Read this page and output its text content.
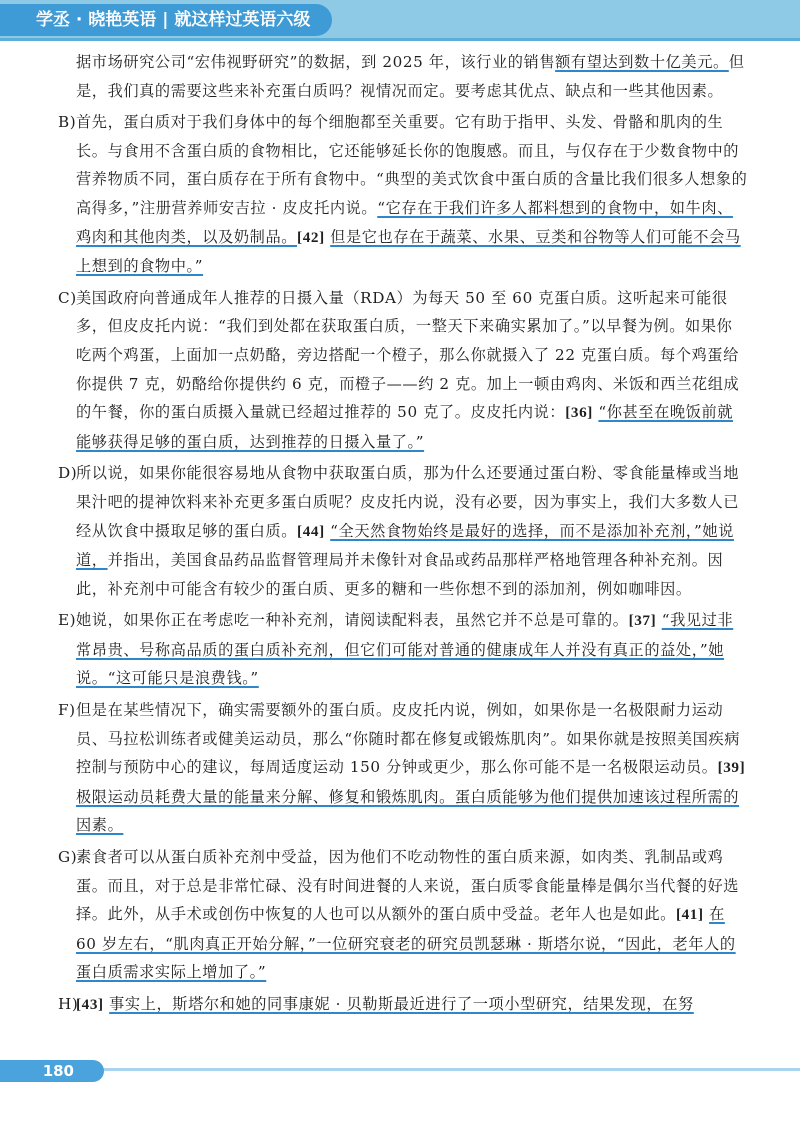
学丞 · 晓艳英语 | 就这样过英语六级
据市场研究公司“宏伟视野研究”的数据，到 2025 年，该行业的销售额有望达到数十亿美元。但是，我们真的需要这些来补充蛋白质吗？视情况而定。要考虑其优点、缺点和一些其他因素。
B) 首先，蛋白质对于我们身体中的每个细胞都至关重要。它有助于指甲、头发、骨骼和肌肉的生长。与食用不含蛋白质的食物相比，它还能够延长你的饱腹感。而且，与仅存在于少数食物中的营养物质不同，蛋白质存在于所有食物中。“典型的美式饮食中蛋白质的含量比我们很多人想象的高得多，”注册营养师安吉拉 · 皮皮托内说。“它存在于我们许多人都料想到的食物中，如牛肉、鸡肉和其他肉类，以及奶制品。[42] 但是它也存在于蔬菜、水果、豆类和谷物等人们可能不会马上想到的食物中。”
C) 美国政府向普通成年人推荐的日摄入量（RDA）为每天 50 至 60 克蛋白质。这听起来可能很多，但皮皮托内说：“我们到处都在获取蛋白质，一整天下来确实累加了。”以早餐为例。如果你吃两个鸡蛋，上面加一点奶酪，旁边搭配一个橙子，那么你就摄入了 22 克蛋白质。每个鸡蛋给你提供 7 克，奶酪给你提供约 6 克，而橙子——约 2 克。加上一顿由鸡肉、米饭和西兰花组成的午餐，你的蛋白质摄入量就已经超过推荐的 50 克了。皮皮托内说：[36] “你甚至在晚饭前就能够获得足够的蛋白质，达到推荐的日摄入量了。”
D)
所以说，如果你能很容易地从食物中获取蛋白质，那为什么还要通过蛋白粉、零食能量棒或当地果汁吧的提神饮料来补充更多蛋白质呢？皮皮托内说，没有必要，因为事实上，我们大多数人已经从饮食中摄取足够的蛋白质。[44] “全天然食物始终是最好的选择，而不是添加补充剂，”她说道，并指出，美国食品药品监督管理局并未像针对食品或药品那样严格地管理各种补充剂。因此，补充剂中可能含有较少的蛋白质、更多的糖和一些你想不到的添加剂，例如咖啡因。
E) 她说，如果你正在考虑吃一种补充剂，请阅读配料表，虽然它并不总是可靠的。[37] “我见过非常昂贵、号称高品质的蛋白质补充剂，但它们可能对普通的健康成年人并没有真正的益处，”她说。“这可能只是浪费钱。”
F) 但是在某些情况下，确实需要额外的蛋白质。皮皮托内说，例如，如果你是一名极限耐力运动员、马拉松训练者或健美运动员，那么“你随时都在修复或锻炼肌肉”。如果你就是按照美国疾病控制与预防中心的建议，每周适度运动 150 分钟或更少，那么你可能不是一名极限运动员。[39] 极限运动员耗费大量的能量来分解、修复和锻炼肌肉。蛋白质能够为他们提供加速该过程所需的因素。
G)
素食者可以从蛋白质补充剂中受益，因为他们不吃动物性的蛋白质来源，如肉类、乳制品或鸡蛋。而且，对于总是非常忙碌、没有时间进餐的人来说，蛋白质零食能量棒是偶尔当代餐的好选择。此外，从手术或创伤中恢复的人也可以从额外的蛋白质中受益。老年人也是如此。[41] 在 60 岁左右，“肌肉真正开始分解，”一位研究衰老的研究员凯瑟琳 · 斯塔尔说，“因此，老年人的蛋白质需求实际上增加了。”
H)
[43] 事实上，斯塔尔和她的同事康妮 · 贝勒斯最近进行了一项小型研究，结果发现，在努
180
